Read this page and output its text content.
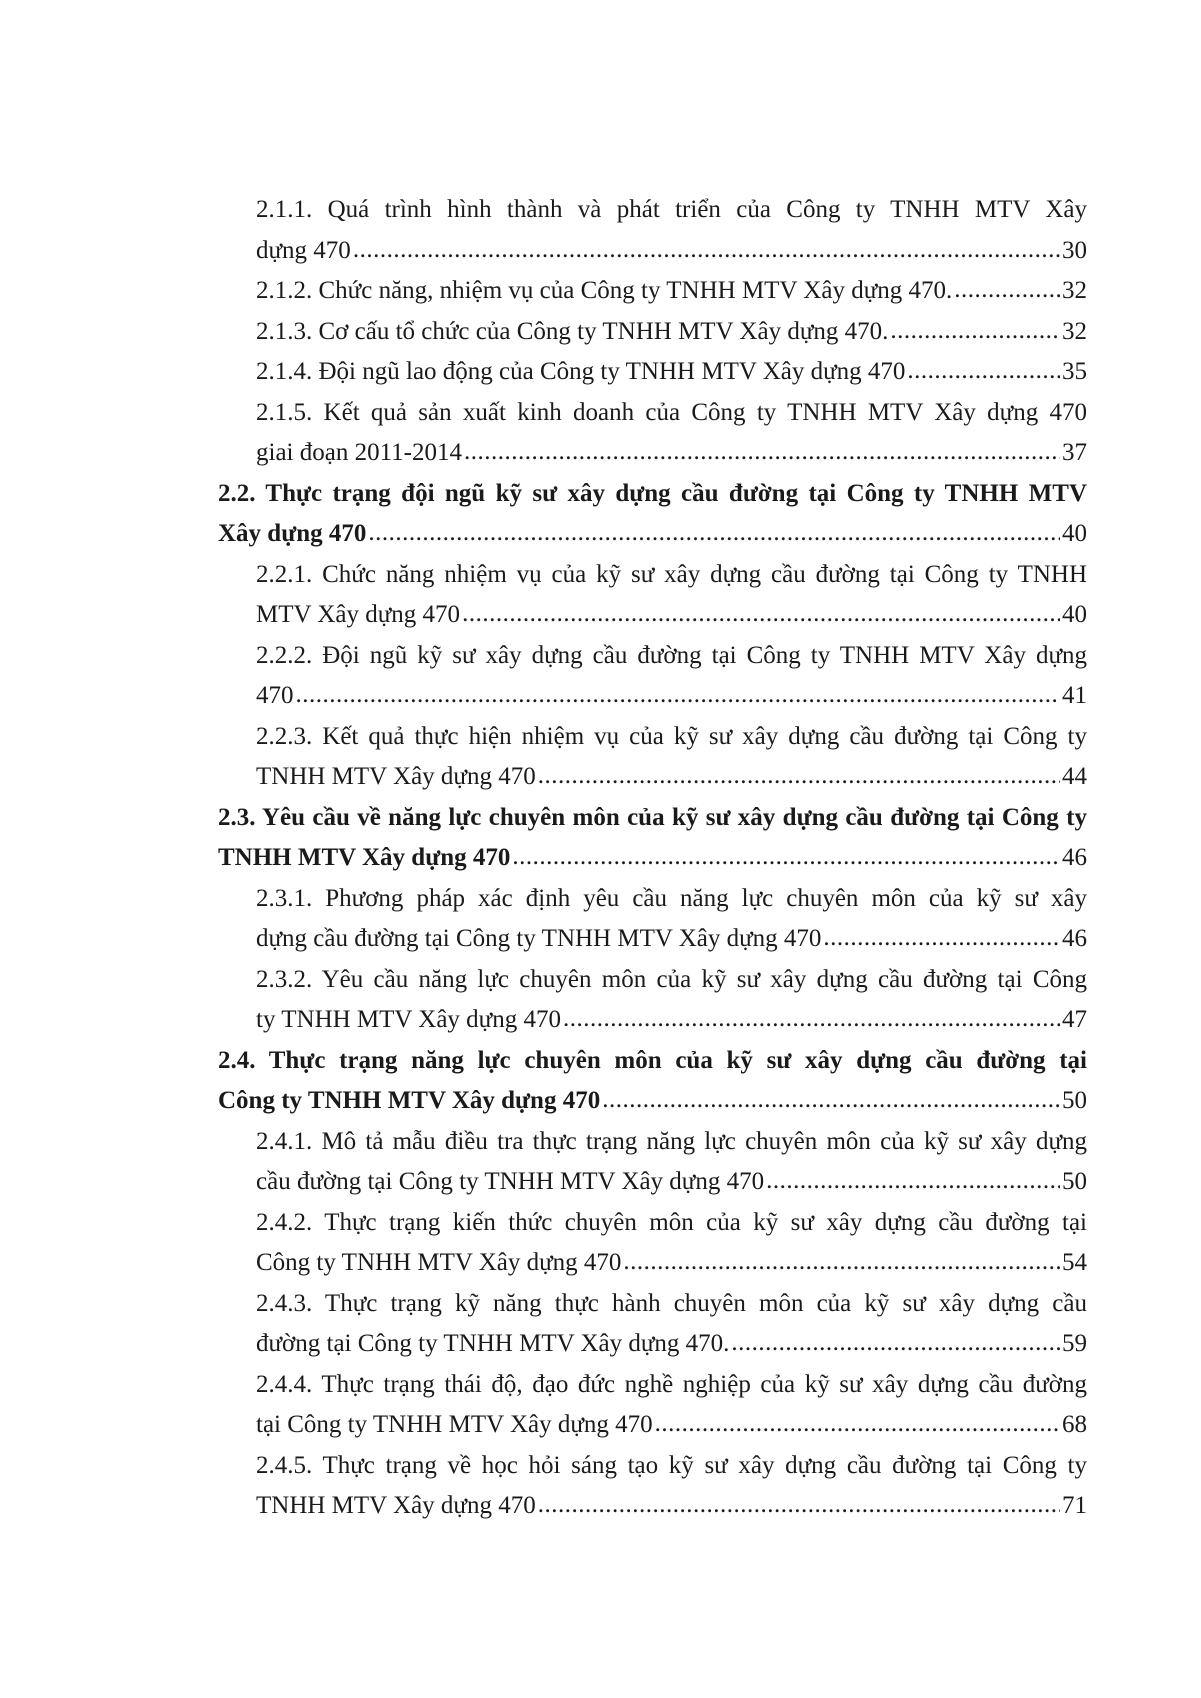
2.1.1. Quá trình hình thành và phát triển của Công ty TNHH MTV Xây
dựng 470 .....	30
2.1.2. Chức năng, nhiệm vụ của Công ty TNHH MTV Xây dựng 470. .....	32
2.1.3. Cơ cấu tổ chức của Công ty TNHH MTV Xây dựng 470. .....	32
2.1.4. Đội ngũ lao động của Công ty TNHH MTV Xây dựng 470 .....	35
2.1.5. Kết quả sản xuất kinh doanh của Công ty TNHH MTV Xây dựng 470
giai đoạn 2011-2014 .....	37
2.2. Thực trạng đội ngũ kỹ sư xây dựng cầu đường tại Công ty TNHH MTV
Xây dựng 470 .....	40
2.2.1. Chức năng nhiệm vụ của kỹ sư xây dựng cầu đường tại Công ty TNHH
MTV Xây dựng 470 .....	40
2.2.2. Đội ngũ kỹ sư xây dựng cầu đường tại Công ty TNHH MTV Xây dựng
470 .....	41
2.2.3. Kết quả thực hiện nhiệm vụ của kỹ sư xây dựng cầu đường tại Công ty
TNHH MTV Xây dựng 470 .....	44
2.3. Yêu cầu về năng lực chuyên môn của kỹ sư xây dựng cầu đường tại Công ty
TNHH MTV Xây dựng 470 .....	46
2.3.1. Phương pháp xác định yêu cầu năng lực chuyên môn của kỹ sư xây
dựng cầu đường tại Công ty TNHH MTV Xây dựng 470 .....	46
2.3.2. Yêu cầu năng lực chuyên môn của kỹ sư xây dựng cầu đường tại Công
ty TNHH MTV Xây dựng 470 .....	47
2.4. Thực trạng năng lực chuyên môn của kỹ sư xây dựng cầu đường tại
Công ty TNHH MTV Xây dựng 470 .....	50
2.4.1. Mô tả mẫu điều tra thực trạng năng lực chuyên môn của kỹ sư xây dựng
cầu đường tại Công ty TNHH MTV Xây dựng 470 .....	50
2.4.2. Thực trạng kiến thức chuyên môn của kỹ sư xây dựng cầu đường tại
Công ty TNHH MTV Xây dựng 470 .....	54
2.4.3. Thực trạng kỹ năng thực hành chuyên môn của kỹ sư xây dựng cầu
đường tại Công ty TNHH MTV Xây dựng 470. .....	59
2.4.4. Thực trạng thái độ, đạo đức nghề nghiệp của kỹ sư xây dựng cầu đường
tại Công ty TNHH MTV Xây dựng 470 .....	68
2.4.5. Thực trạng về học hỏi sáng tạo kỹ sư xây dựng cầu đường tại Công ty
TNHH MTV Xây dựng 470 .....	71
